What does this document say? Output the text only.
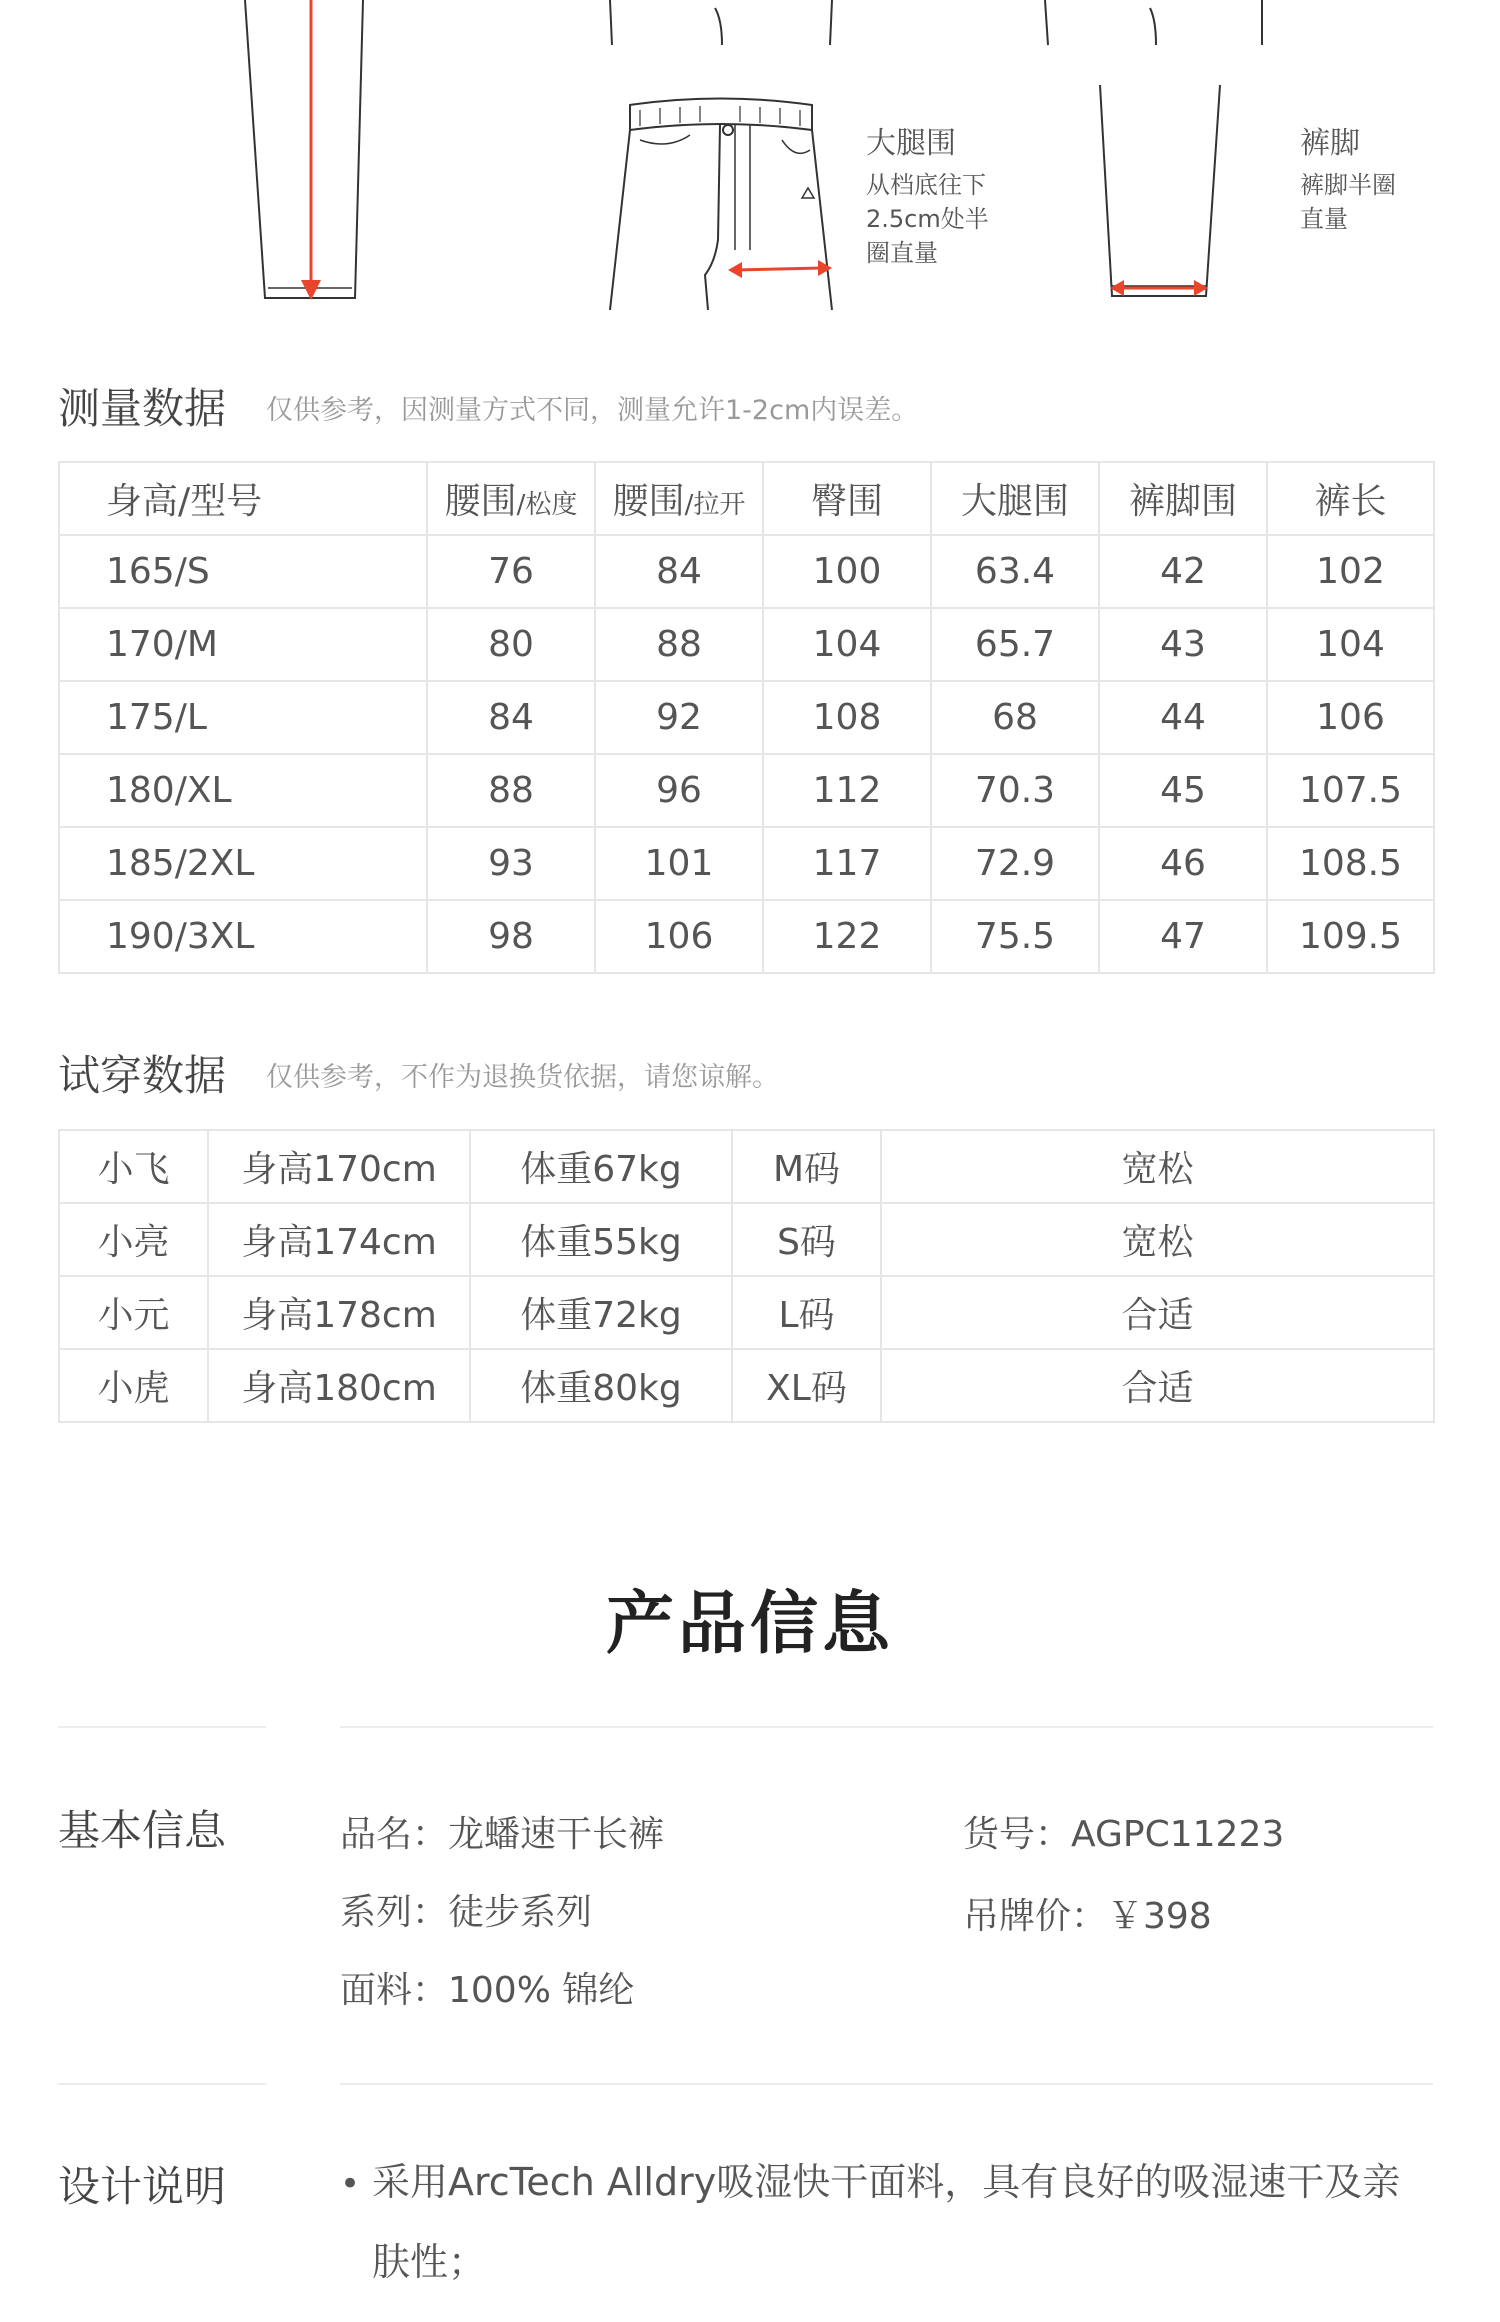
大腿围
从档底往下
2.5cm处半
圈直量
裤脚
裤脚半圈
直量
测量数据 仅供参考，因测量方式不同，测量允许1-2cm内误差。
身高/型号	腰围/松度	腰围/拉开	臀围	大腿围	裤脚围	裤长
165/S	76	84	100	63.4	42	102
170/M	80	88	104	65.7	43	104
175/L	84	92	108	68	44	106
180/XL	88	96	112	70.3	45	107.5
185/2XL	93	101	117	72.9	46	108.5
190/3XL	98	106	122	75.5	47	109.5
试穿数据 仅供参考，不作为退换货依据，请您谅解。
小飞	身高170cm	体重67kg	M码	宽松
小亮	身高174cm	体重55kg	S码	宽松
小元	身高178cm	体重72kg	L码	合适
小虎	身高180cm	体重80kg	XL码	合适
产品信息
基本信息	品名：龙蟠速干长裤
系列：徒步系列
面料：100% 锦纶
货号：AGPC11223
吊牌价：￥398
设计说明	• 采用ArcTech Alldry吸湿快干面料，具有良好的吸湿速干及亲肤性；
